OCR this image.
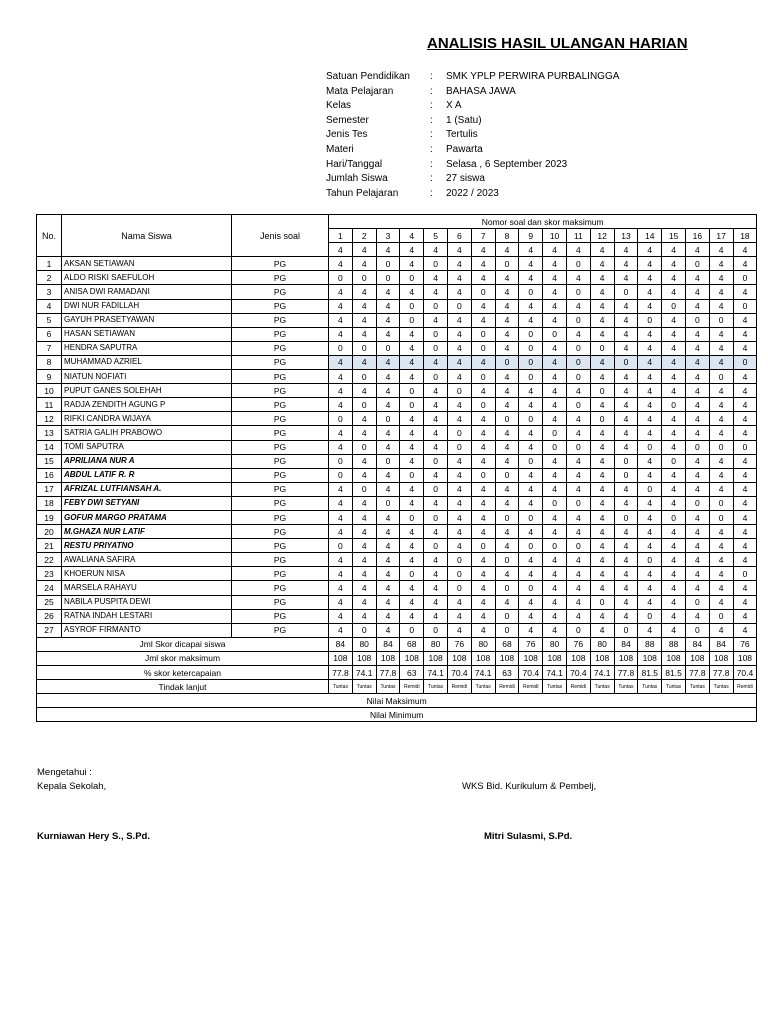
ANALISIS HASIL ULANGAN HARIAN
Satuan Pendidikan : SMK YPLP PERWIRA PURBALINGGA
Mata Pelajaran	: BAHASA JAWA
Kelas	: X A
Semester	: 1 (Satu)
Jenis Tes	: Tertulis
Materi	: Pawarta
Hari/Tanggal	: Selasa , 6 September 2023
Jumlah Siswa	: 27 siswa
Tahun Pelajaran	: 2022 / 2023
No.	Nama Siswa	Jenis soal	Nomor soal dan skor maksimum																	
			1	2	3	4	5	6	7	8	9	10	11	12	13	14	15	16	17	18
			4	4	4	4	4	4	4	4	4	4	4	4	4	4	4	4	4	4
1	AKSAN SETIAWAN	PG	4	4	0	4	0	4	4	0	4	4	0	4	4	4	4	0	4	4
2	ALDO RISKI SAEFULOH	PG	0	0	0	0	4	4	4	4	4	4	4	4	4	4	4	4	4	0
3	ANISA DWI RAMADANI	PG	4	4	4	4	4	4	0	4	0	4	0	4	0	4	4	4	4	4
4	DWI NUR FADILLAH	PG	4	4	4	0	0	0	4	4	4	4	4	4	4	4	0	4	4	0
5	GAYUH PRASETYAWAN	PG	4	4	4	0	4	4	4	4	4	4	0	4	4	0	4	0	0	4
6	HASAN SETIAWAN	PG	4	4	4	4	0	4	0	4	0	0	4	4	4	4	4	4	4	4
7	HENDRA SAPUTRA	PG	0	0	0	4	0	4	0	4	0	4	0	0	4	4	4	4	4	4
8	MUHAMMAD AZRIEL	PG	4	4	4	4	4	4	4	0	0	4	0	4	0	4	4	4	4	0
9	NIATUN NOFIATI	PG	4	0	4	4	0	4	0	4	0	4	0	4	4	4	4	4	0	4
10	PUPUT GANES SOLEHAH	PG	4	4	4	0	4	0	4	4	4	4	4	0	4	4	4	4	4	4
11	RADJA ZENDITH AGUNG P	PG	4	0	4	0	4	4	0	4	4	4	0	4	4	4	0	4	4	4
12	RIFKI CANDRA WIJAYA	PG	0	4	0	4	4	4	4	0	0	4	4	0	4	4	4	4	4	4
13	SATRIA GALIH PRABOWO	PG	4	4	4	4	4	0	4	4	4	0	4	4	4	4	4	4	4	4
14	TOMI SAPUTRA	PG	4	0	4	4	4	0	4	4	4	0	0	4	4	0	4	0	0	0
15	APRILIANA NUR A	PG	0	4	0	4	0	4	4	4	0	4	4	4	0	4	0	4	4	4
16	ABDUL LATIF R. R	PG	0	4	4	0	4	4	0	0	4	4	4	4	0	4	4	4	4	4
17	AFRIZAL LUTFIANSAH A.	PG	4	0	4	4	0	4	4	4	4	4	4	4	4	0	4	4	4	4
18	FEBY DWI SETYANI	PG	4	4	0	4	4	4	4	4	4	0	0	4	4	4	4	0	0	4
19	GOFUR MARGO PRATAMA	PG	4	4	4	0	0	4	4	0	0	4	4	4	0	4	0	4	0	4
20	M.GHAZA NUR LATIF	PG	4	4	4	4	4	4	4	4	4	4	4	4	4	4	4	4	4	4
21	RESTU PRIYATNO	PG	0	4	4	4	0	4	0	4	0	0	0	4	4	4	4	4	4	4
22	AWALIANA SAFIRA	PG	4	4	4	4	4	0	4	0	4	4	4	4	4	0	4	4	4	4
23	KHOERUN NISA	PG	4	4	4	0	4	0	4	4	4	4	4	4	4	4	4	4	4	0
24	MARSELA RAHAYU	PG	4	4	4	4	4	0	4	0	0	4	4	4	4	4	4	4	4	4
25	NABILA PUSPITA DEWI	PG	4	4	4	4	4	4	4	4	4	4	4	0	4	4	4	0	4	4
26	RATNA INDAH LESTARI	PG	4	4	4	4	4	4	4	0	4	4	4	4	4	0	4	4	0	4
27	ASYROF FIRMANTO	PG	4	0	4	0	0	4	4	0	4	4	0	4	0	4	4	0	4	4
Jml Skor dicapai siswa			84	80	84	68	80	76	80	68	76	80	76	80	84	88	88	84	84	76
Jml skor maksimum			108	108	108	108	108	108	108	108	108	108	108	108	108	108	108	108	108	108
% skor ketercapaian			77.8	74.1	77.8	63	74.1	70.4	74.1	63	70.4	74.1	70.4	74.1	77.8	81.5	81.5	77.8	77.8	70.4
Tindak lanjut			Tuntas	Tuntas	Tuntas	Remidi	Tuntas	Remidi	Tuntas	Remidi	Remidi	Tuntas	Remidi	Tuntas	Tuntas	Tuntas	Tuntas	Tuntas	Tuntas	Remidi
Nilai Maksimum																				
Nilai Minimum																				
Mengetahui :
Kepala Sekolah,	WKS Bid. Kurikulum & Pembelj,
Kurniawan Hery S., S.Pd.	Mitri Sulasmi, S.Pd.
